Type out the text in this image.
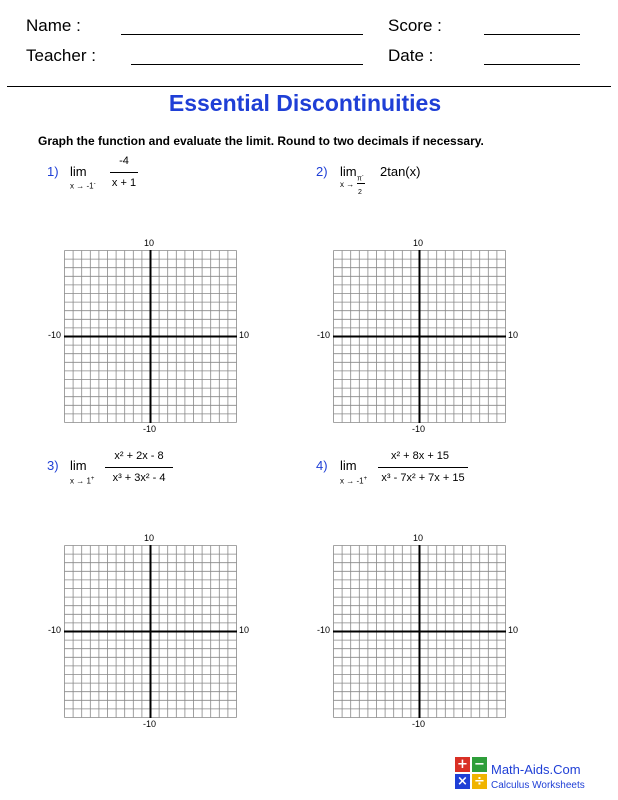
Name :	Score :
Teacher :	Date :
Essential Discontinuities
Graph the function and evaluate the limit. Round to two decimals if necessary.
1) lim
x → -1-
-4
x + 1
2) lim
x →
π-
2
2tan(x)
3) lim
x → 1+
x² + 2x - 8
x³ + 3x² - 4
4) lim
x → -1+
x² + 8x + 15
x³ - 7x² + 7x + 15
10
-10
-10	10
10
-10
-10	10
10
-10
-10	10
10
-10
-10	10
+ −
× ÷
Math-Aids.Com
Calculus Worksheets
